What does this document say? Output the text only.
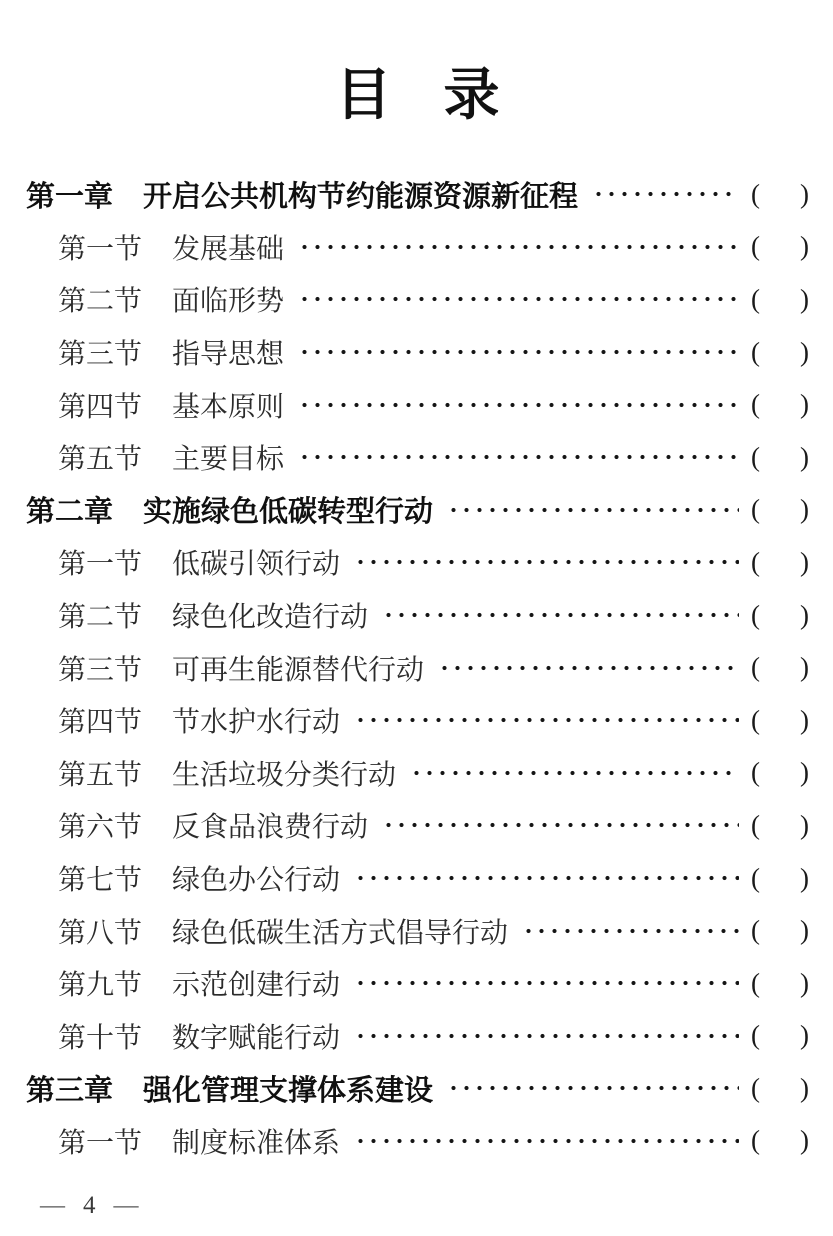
目 录
第一章 开启公共机构节约能源资源新征程	( )
第一节 发展基础	( )
第二节 面临形势	( )
第三节 指导思想	( )
第四节 基本原则	( )
第五节 主要目标	( )
第二章 实施绿色低碳转型行动	( )
第一节 低碳引领行动	( )
第二节 绿色化改造行动	( )
第三节 可再生能源替代行动	( )
第四节 节水护水行动	( )
第五节 生活垃圾分类行动	( )
第六节 反食品浪费行动	( )
第七节 绿色办公行动	( )
第八节 绿色低碳生活方式倡导行动	( )
第九节 示范创建行动	( )
第十节 数字赋能行动	( )
第三章 强化管理支撑体系建设	( )
第一节 制度标准体系	( )
— 4 —
